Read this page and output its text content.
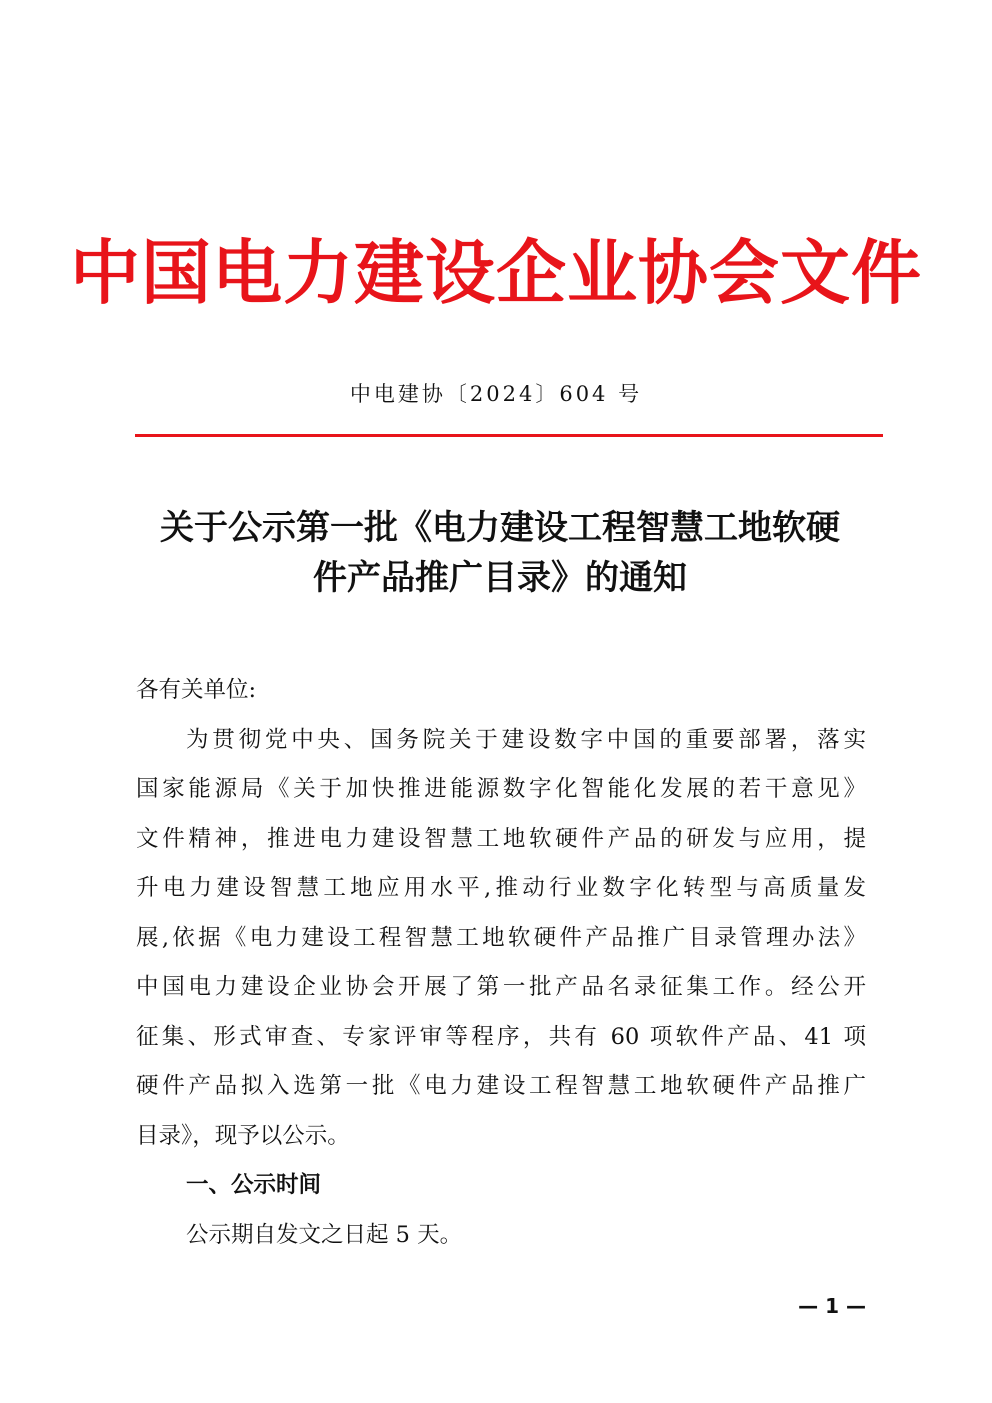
中国电力建设企业协会文件
中电建协〔2024〕604 号
关于公示第一批《电力建设工程智慧工地软硬
件产品推广目录》的通知
各有关单位:
为贯彻党中央、国务院关于建设数字中国的重要部署，落实
国家能源局《关于加快推进能源数字化智能化发展的若干意见》
文件精神，推进电力建设智慧工地软硬件产品的研发与应用，提
升电力建设智慧工地应用水平,推动行业数字化转型与高质量发
展,依据《电力建设工程智慧工地软硬件产品推广目录管理办法》
中国电力建设企业协会开展了第一批产品名录征集工作。经公开
征集、形式审查、专家评审等程序，共有 60 项软件产品、41 项
硬件产品拟入选第一批《电力建设工程智慧工地软硬件产品推广
目录》，现予以公示。
一、公示时间
公示期自发文之日起 5 天。
— 1 —
